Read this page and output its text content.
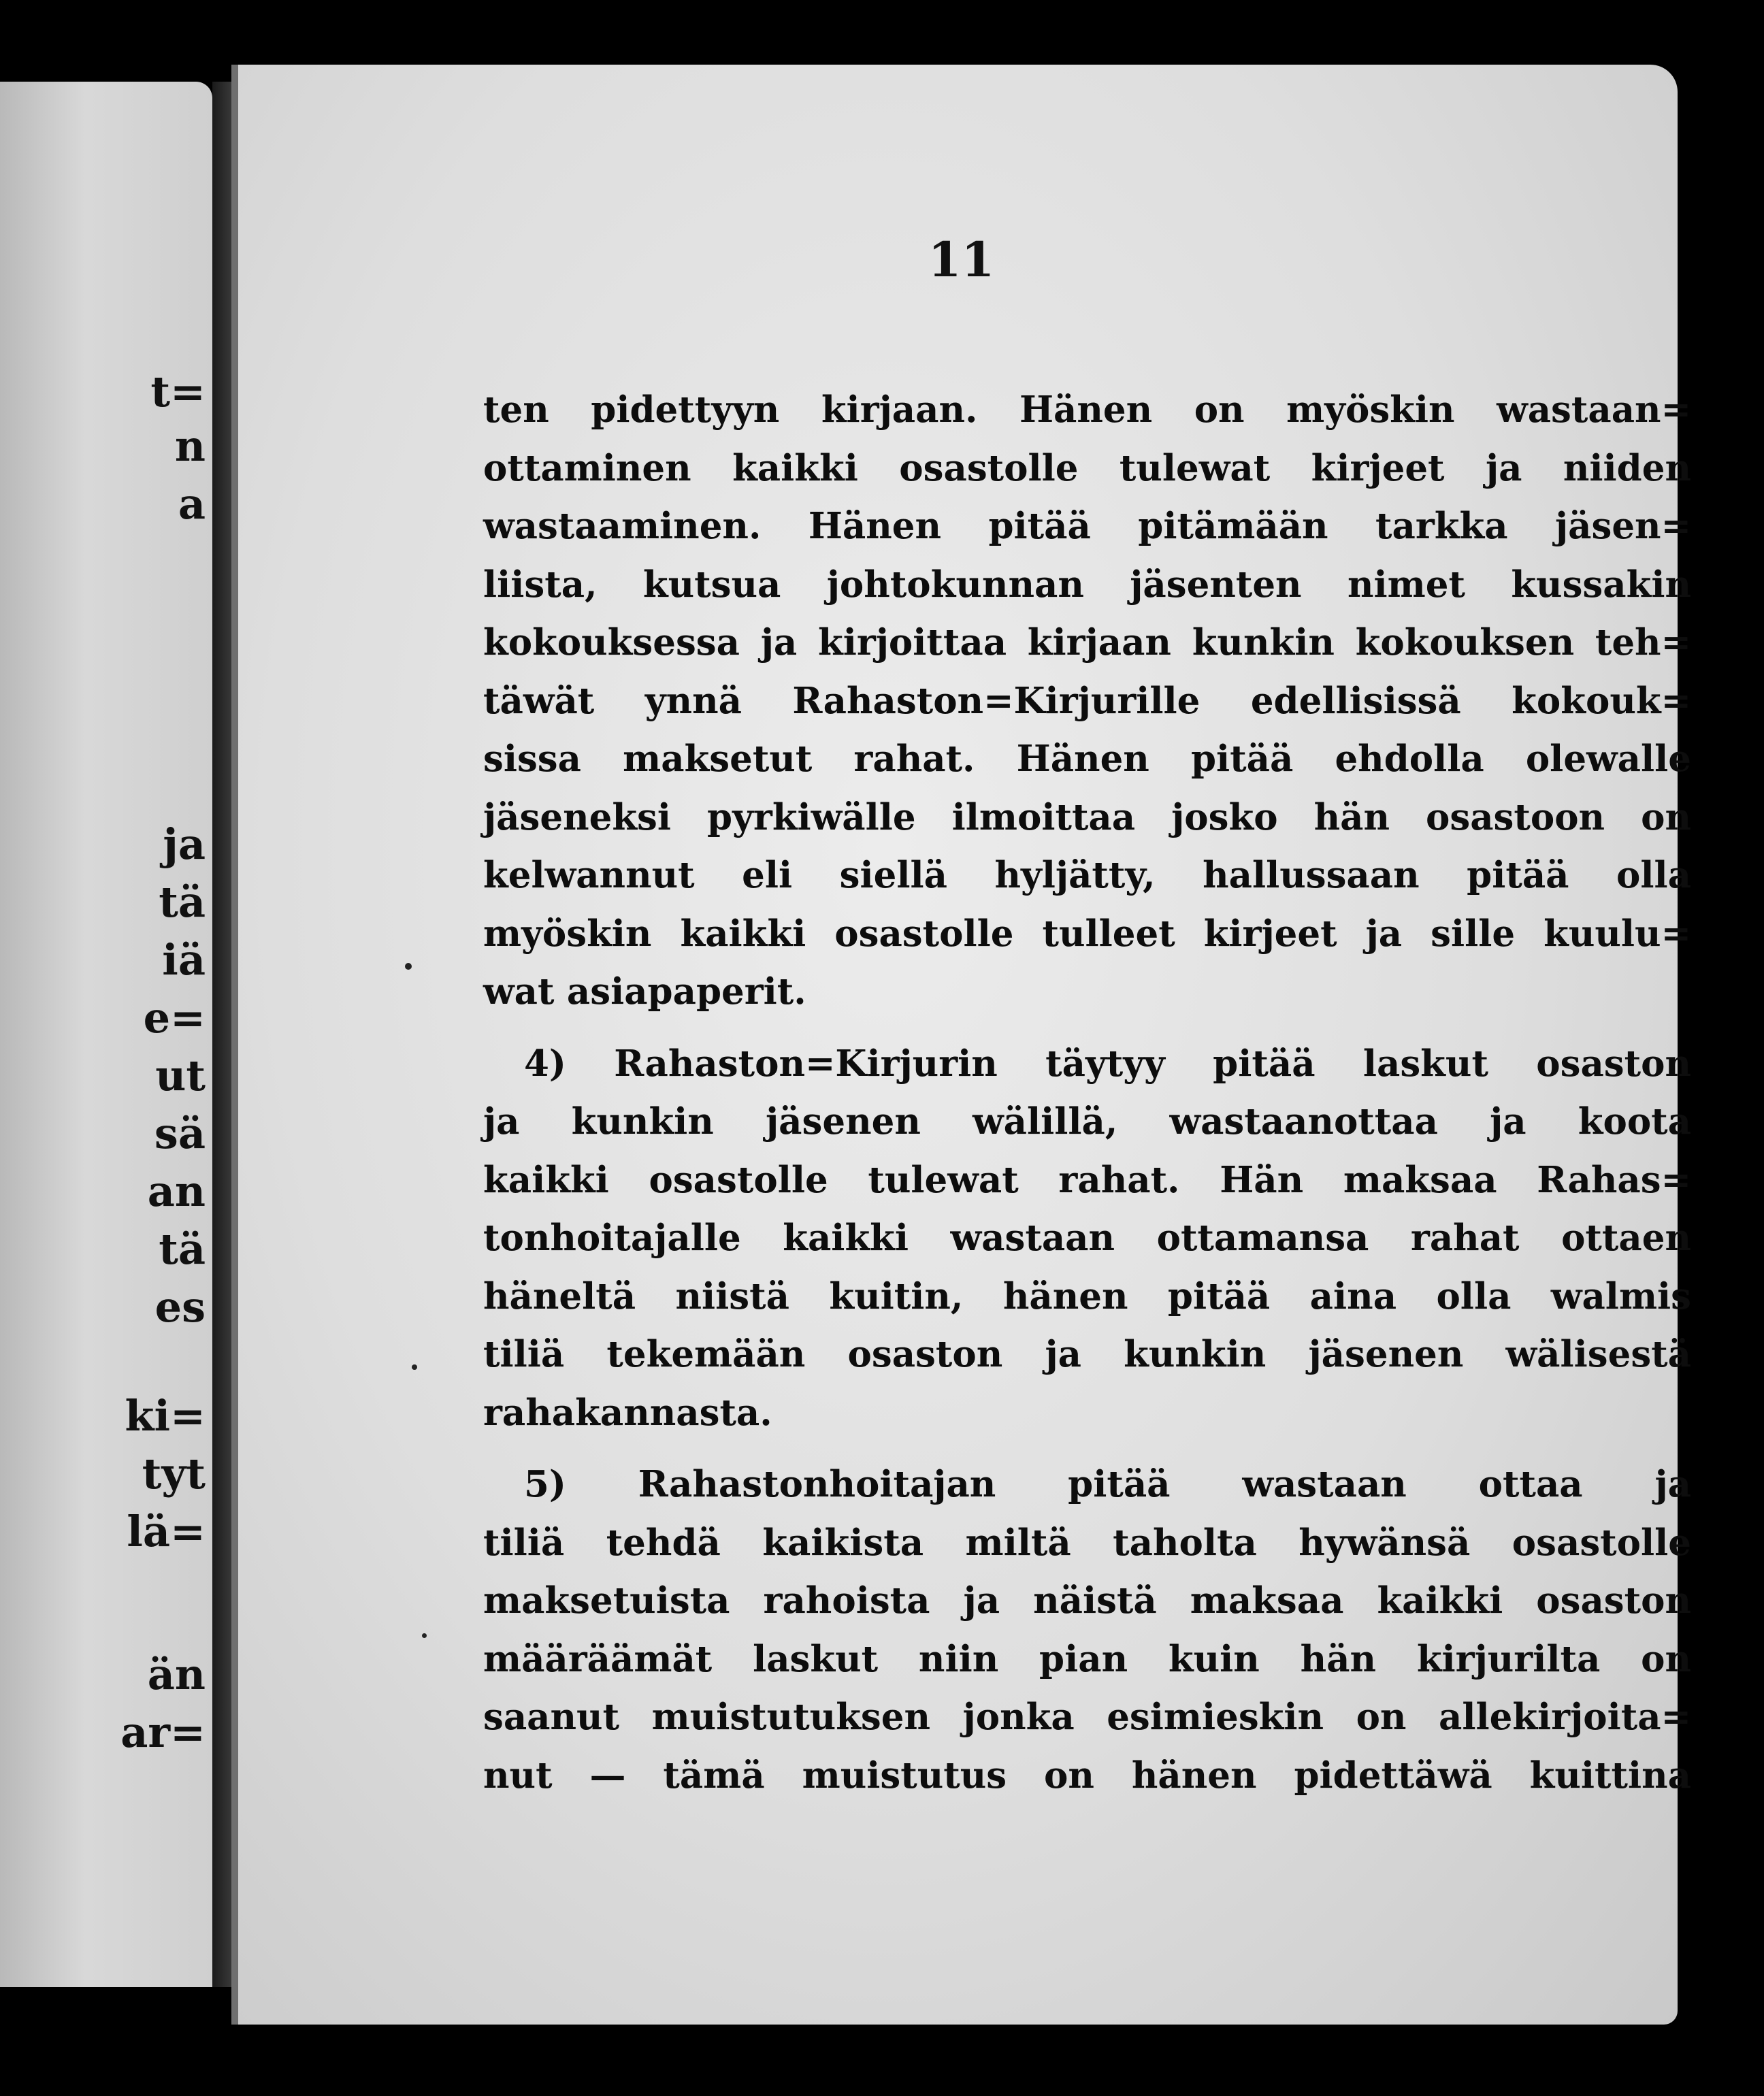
t=
n
a
ja
tä
iä
e=
ut
sä
an
tä
es
ki=
tyt
lä=
än
ar=
11
ten pidettyyn kirjaan. Hänen on myöskin wastaan=
ottaminen kaikki osastolle tulewat kirjeet ja niiden
wastaaminen. Hänen pitää pitämään tarkka jäsen=
liista, kutsua johtokunnan jäsenten nimet kussakin
kokouksessa ja kirjoittaa kirjaan kunkin kokouksen teh=
täwät ynnä Rahaston=Kirjurille edellisissä kokouk=
sissa maksetut rahat. Hänen pitää ehdolla olewalle
jäseneksi pyrkiwälle ilmoittaa josko hän osastoon on
kelwannut eli siellä hyljätty, hallussaan pitää olla
myöskin kaikki osastolle tulleet kirjeet ja sille kuulu=
wat asiapaperit.
4) Rahaston=Kirjurin täytyy pitää laskut osaston
ja kunkin jäsenen wälillä, wastaanottaa ja koota
kaikki osastolle tulewat rahat. Hän maksaa Rahas=
tonhoitajalle kaikki wastaan ottamansa rahat ottaen
häneltä niistä kuitin, hänen pitää aina olla walmis
tiliä tekemään osaston ja kunkin jäsenen wälisestä
rahakannasta.
5) Rahastonhoitajan pitää wastaan ottaa ja
tiliä tehdä kaikista miltä taholta hywänsä osastolle
maksetuista rahoista ja näistä maksaa kaikki osaston
määräämät laskut niin pian kuin hän kirjurilta on
saanut muistutuksen jonka esimieskin on allekirjoita=
nut — tämä muistutus on hänen pidettäwä kuittina
